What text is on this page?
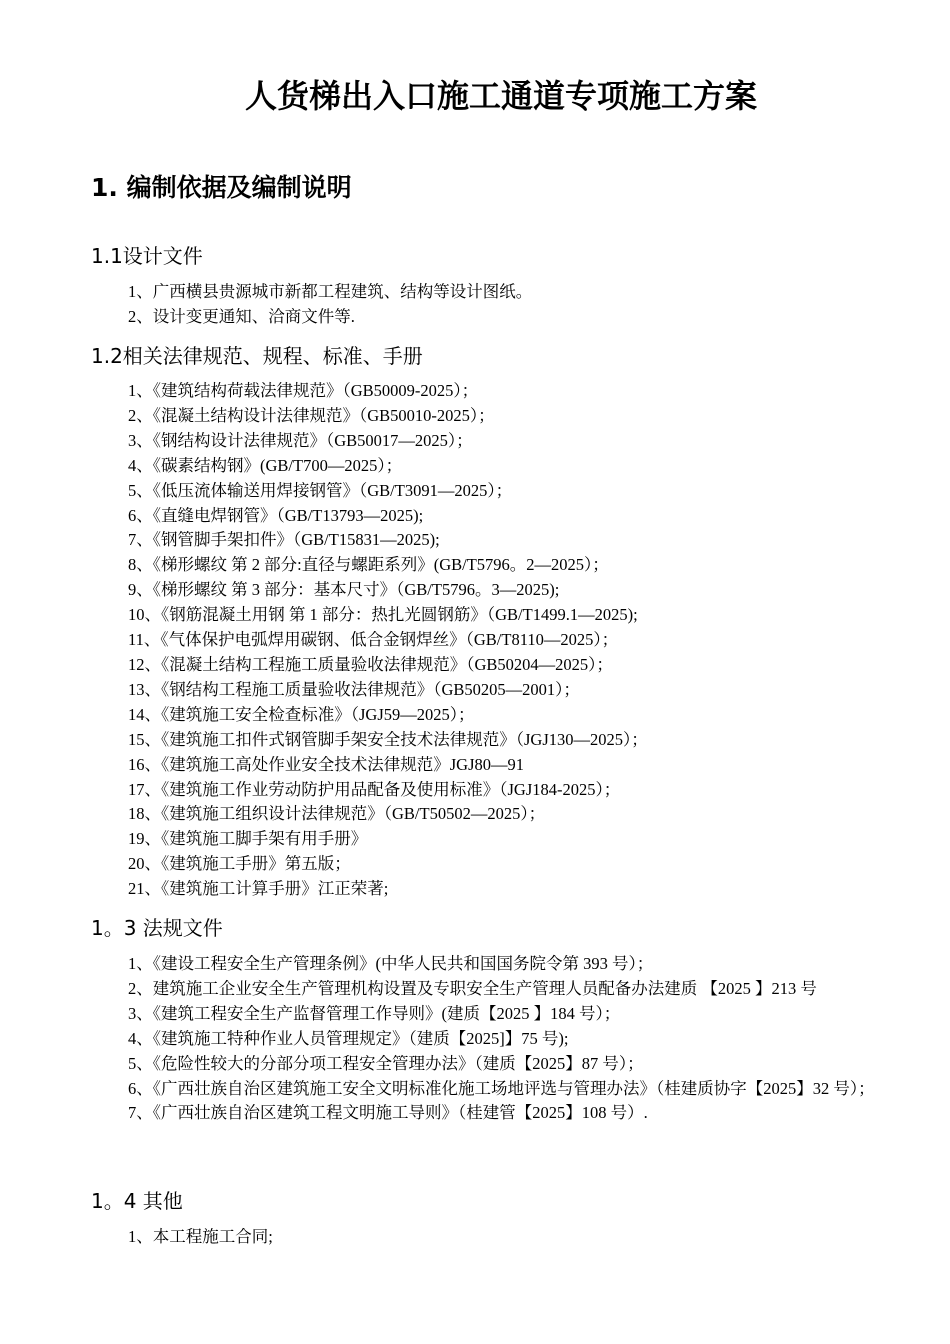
人货梯出入口施工通道专项施工方案
1. 编制依据及编制说明
1.1设计文件
1、广西横县贵源城市新都工程建筑、结构等设计图纸。
2、设计变更通知、洽商文件等.
1.2相关法律规范、规程、标准、手册
1、《建筑结构荷载法律规范》（GB50009-2025）；
2、《混凝土结构设计法律规范》（GB50010-2025）；
3、《钢结构设计法律规范》（GB50017—2025）；
4、《碳素结构钢》(GB/T700—2025）；
5、《低压流体输送用焊接钢管》（GB/T3091—2025）；
6、《直缝电焊钢管》（GB/T13793—2025);
7、《钢管脚手架扣件》（GB/T15831—2025);
8、《梯形螺纹 第 2 部分:直径与螺距系列》(GB/T5796。2—2025）；
9、《梯形螺纹 第 3 部分：基本尺寸》（GB/T5796。3—2025);
10、《钢筋混凝土用钢 第 1 部分：热扎光圆钢筋》（GB/T1499.1—2025);
11、《气体保护电弧焊用碳钢、低合金钢焊丝》（GB/T8110—2025）；
12、《混凝土结构工程施工质量验收法律规范》（GB50204—2025）；
13、《钢结构工程施工质量验收法律规范》（GB50205—2001）；
14、《建筑施工安全检查标准》（JGJ59—2025）；
15、《建筑施工扣件式钢管脚手架安全技术法律规范》（JGJ130—2025）；
16、《建筑施工高处作业安全技术法律规范》JGJ80—91
17、《建筑施工作业劳动防护用品配备及使用标准》（JGJ184-2025）；
18、《建筑施工组织设计法律规范》（GB/T50502—2025）；
19、《建筑施工脚手架有用手册》
20、《建筑施工手册》第五版；
21、《建筑施工计算手册》江正荣著;
1。3 法规文件
1、《建设工程安全生产管理条例》(中华人民共和国国务院令第 393 号）；
2、建筑施工企业安全生产管理机构设置及专职安全生产管理人员配备办法建质 【2025 】213 号
3、《建筑工程安全生产监督管理工作导则》(建质【2025 】184 号）；
4、《建筑施工特种作业人员管理规定》（建质【2025]】75 号);
5、《危险性较大的分部分项工程安全管理办法》（建质【2025】87 号）；
6、《广西壮族自治区建筑施工安全文明标准化施工场地评选与管理办法》（桂建质协字【2025】32 号）；
7、《广西壮族自治区建筑工程文明施工导则》（桂建管【2025】108 号）.
1。4 其他
1、本工程施工合同;
